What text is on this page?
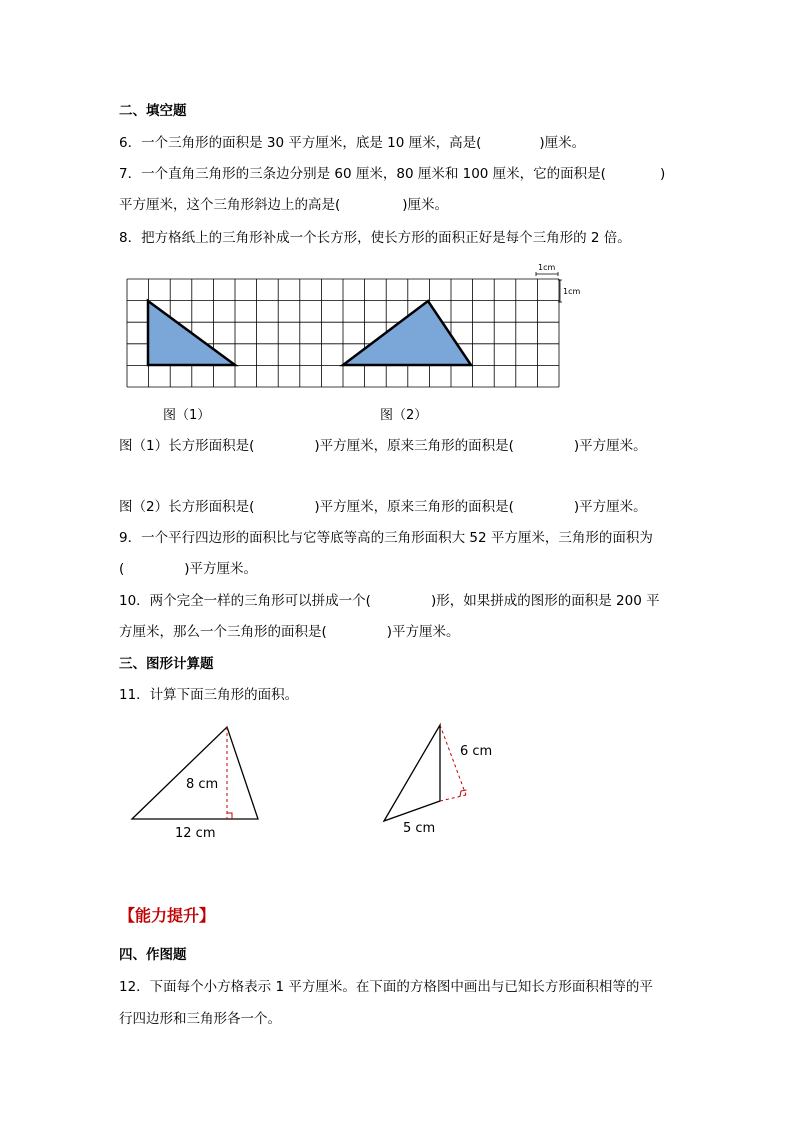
二、填空题
6．一个三角形的面积是 30 平方厘米，底是 10 厘米，高是(	)厘米。
7．一个直角三角形的三条边分别是 60 厘米，80 厘米和 100 厘米，它的面积是(	)
平方厘米，这个三角形斜边上的高是(	)厘米。
8．把方格纸上的三角形补成一个长方形，使长方形的面积正好是每个三角形的 2 倍。
1cm
1cm
图（1）	图（2）
图（1）长方形面积是(	)平方厘米，原来三角形的面积是(	)平方厘米。
图（2）长方形面积是(	)平方厘米，原来三角形的面积是(	)平方厘米。
9．一个平行四边形的面积比与它等底等高的三角形面积大 52 平方厘米，三角形的面积为
(	)平方厘米。
10．两个完全一样的三角形可以拼成一个(	)形，如果拼成的图形的面积是 200 平
方厘米，那么一个三角形的面积是(	)平方厘米。
三、图形计算题
11．计算下面三角形的面积。
8 cm
12 cm
6 cm
5 cm
【能力提升】
四、作图题
12．下面每个小方格表示 1 平方厘米。在下面的方格图中画出与已知长方形面积相等的平
行四边形和三角形各一个。
